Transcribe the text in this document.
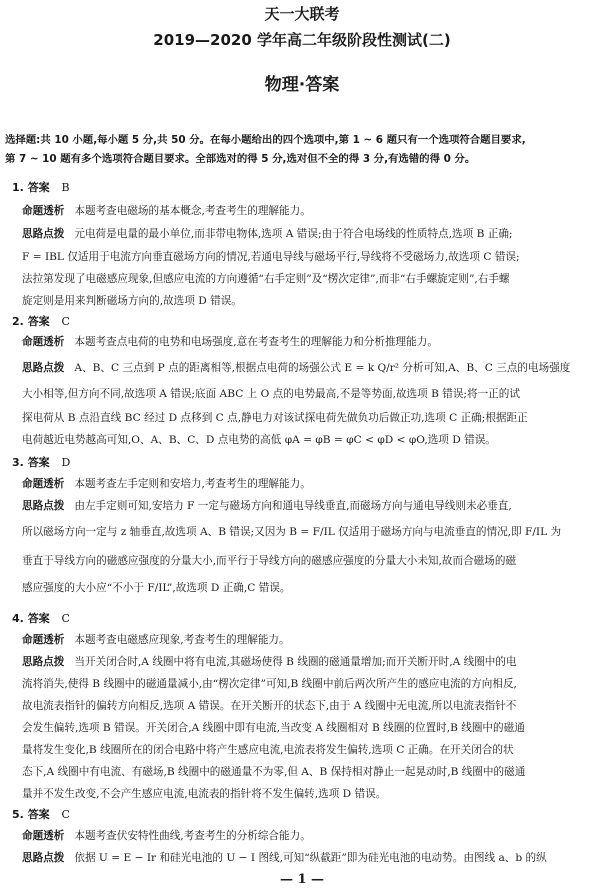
天一大联考
2019—2020 学年高二年级阶段性测试(二)
物理·答案
选择题:共 10 小题,每小题 5 分,共 50 分。在每小题给出的四个选项中,第 1 ~ 6 题只有一个选项符合题目要求,
第 7 ~ 10 题有多个选项符合题目要求。全部选对的得 5 分,选对但不全的得 3 分,有选错的得 0 分。
1. 答案 B
命题透析 本题考查电磁场的基本概念,考查考生的理解能力。
思路点拨 元电荷是电量的最小单位,而非带电物体,选项 A 错误;由于符合电场线的性质特点,选项 B 正确;
F = IBL 仅适用于电流方向垂直磁场方向的情况,若通电导线与磁场平行,导线将不受磁场力,故选项 C 错误;
法拉第发现了电磁感应现象,但感应电流的方向遵循“右手定则”及“楞次定律”,而非“右手螺旋定则”,右手螺
旋定则是用来判断磁场方向的,故选项 D 错误。
2. 答案 C
命题透析 本题考查点电荷的电势和电场强度,意在考查考生的理解能力和分析推理能力。
思路点拨 A、B、C 三点到 P 点的距离相等,根据点电荷的场强公式 E = k Q/r² 分析可知,A、B、C 三点的电场强度
大小相等,但方向不同,故选项 A 错误;底面 ABC 上 O 点的电势最高,不是等势面,故选项 B 错误;将一正的试
探电荷从 B 点沿直线 BC 经过 D 点移到 C 点,静电力对该试探电荷先做负功后做正功,选项 C 正确;根据距正
电荷越近电势越高可知,O、A、B、C、D 点电势的高低 φA = φB = φC < φD < φO,选项 D 错误。
3. 答案 D
命题透析 本题考查左手定则和安培力,考查考生的理解能力。
思路点拨 由左手定则可知,安培力 F 一定与磁场方向和通电导线垂直,而磁场方向与通电导线则未必垂直,
所以磁场方向一定与 z 轴垂直,故选项 A、B 错误;又因为 B = F/IL 仅适用于磁场方向与电流垂直的情况,即 F/IL 为
垂直于导线方向的磁感应强度的分量大小,而平行于导线方向的磁感应强度的分量大小未知,故而合磁场的磁
感应强度的大小应“不小于 F/IL”,故选项 D 正确,C 错误。
4. 答案 C
命题透析 本题考查电磁感应现象,考查考生的理解能力。
思路点拨 当开关闭合时,A 线圈中将有电流,其磁场使得 B 线圈的磁通量增加;而开关断开时,A 线圈中的电
流将消失,使得 B 线圈中的磁通量减小,由“楞次定律”可知,B 线圈中前后两次所产生的感应电流的方向相反,
故电流表指针的偏转方向相反,选项 A 错误。在开关断开的状态下,由于 A 线圈中无电流,所以电流表指针不
会发生偏转,选项 B 错误。开关闭合,A 线圈中即有电流,当改变 A 线圈相对 B 线圈的位置时,B 线圈中的磁通
量将发生变化,B 线圈所在的闭合电路中将产生感应电流,电流表将发生偏转,选项 C 正确。在开关闭合的状
态下,A 线圈中有电流、有磁场,B 线圈中的磁通量不为零,但 A、B 保持相对静止一起晃动时,B 线圈中的磁通
量并不发生改变,不会产生感应电流,电流表的指针将不发生偏转,选项 D 错误。
5. 答案 C
命题透析 本题考查伏安特性曲线,考查考生的分析综合能力。
思路点拨 依据 U = E − Ir 和硅光电池的 U − I 图线,可知“纵截距”即为硅光电池的电动势。由图线 a、b 的纵
— 1 —
